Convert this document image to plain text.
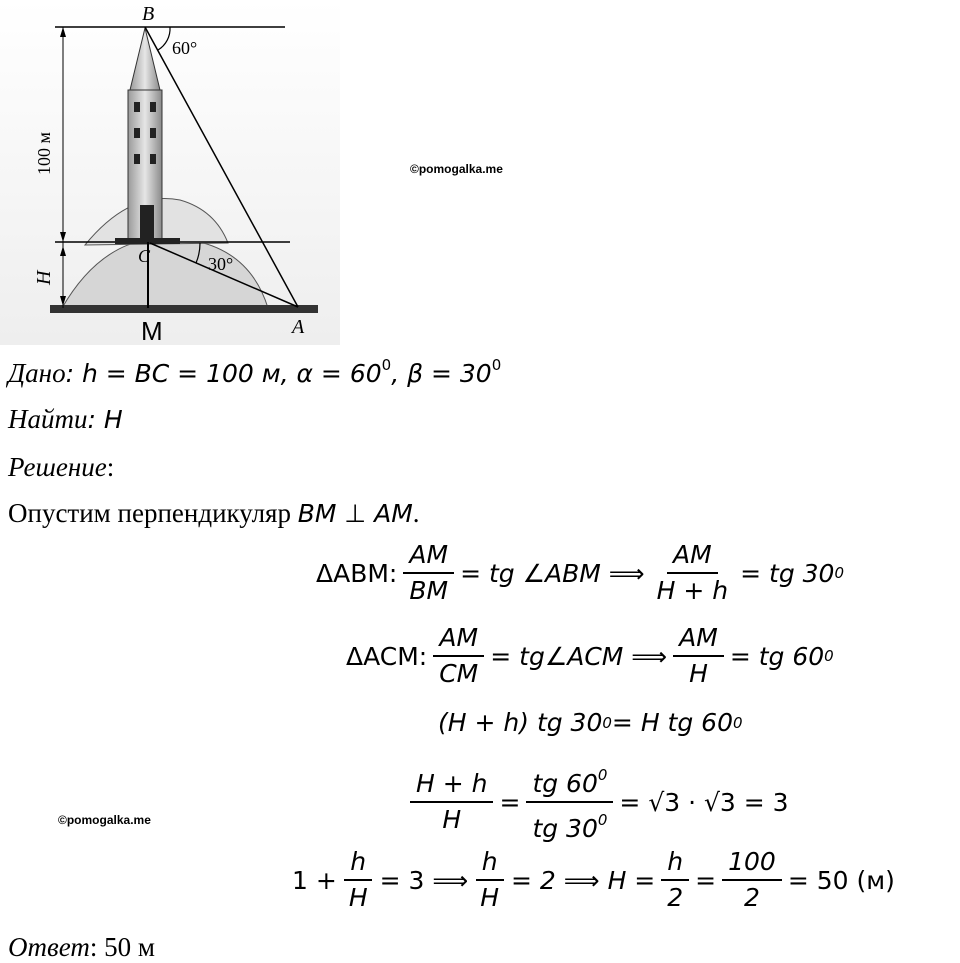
B
C
A
M
60°
30°
100 м
H
©pomogalka.me
©pomogalka.me
Дано: h = BC = 100 м, α = 600, β = 300
Найти: H
Решение:
Опустим перпендикуляр BM ⊥ AM.
ΔABM: $\frac{AM}{BM}$ = tg ∠ABM ⟹ $\frac{AM}{H + h}$ = tg 30 0
ΔACM: $\frac{AM}{CM}$ = tg∠ACM ⟹ $\frac{AM}{H}$ = tg 60 0
(H + h) tg 30 0 = H tg 60 0
$\frac{H + h}{H} = \frac{tg 60^0}{tg 30^0} = √3 \cdot √3 = 3$
$1 + \frac{h}{H} = 3$ ⟹ $\frac{h}{H} = 2$ ⟹ $H = \frac{h}{2} = \frac{100}{2} = 50$ (м)
Ответ: 50 м
